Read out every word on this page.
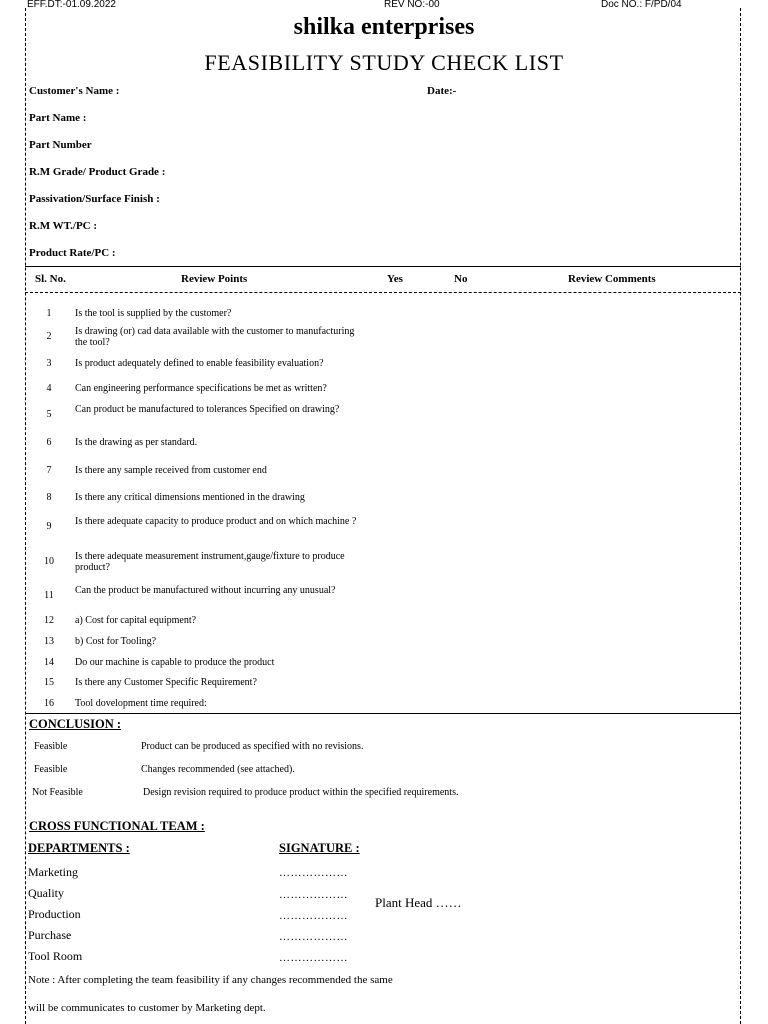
EFF.DT:-01.09.2022	REV NO:-00	Doc NO.: F/PD/04
shilka enterprises
FEASIBILITY STUDY CHECK LIST
Customer's Name :	Date:-
Part Name :
Part Number
R.M Grade/ Product Grade :
Passivation/Surface Finish :
R.M WT./PC :
Product Rate/PC :
Sl. No.	Review Points	Yes	No	Review Comments
1	Is the tool is supplied by the customer?
2	Is drawing (or) cad data available with the customer to manufacturing the tool?
3	Is product adequately defined to enable feasibility evaluation?
4	Can engineering performance specifications be met as written?
5	Can product be manufactured to tolerances Specified on drawing?
6	Is the drawing as per standard.
7	Is there any sample received from customer end
8	Is there any critical dimensions mentioned in the drawing
9	Is there adequate capacity to produce product and on which machine ?
10	Is there adequate measurement instrument,gauge/fixture to produce product?
11	Can the product be manufactured without incurring any unusual?
12	a) Cost for capital equipment?
13	b) Cost for Tooling?
14	Do our machine is capable to produce the product
15	Is there any Customer Specific Requirement?
16	Tool dovelopment time required:
CONCLUSION :
Feasible	Product can be produced as specified with no revisions.
Feasible	Changes recommended (see attached).
Not Feasible	Design revision required to produce product within the specified requirements.
CROSS FUNCTIONAL TEAM :
DEPARTMENTS :	SIGNATURE :
Marketing	………………
Quality	………………
Production	………………
Purchase	………………
Tool Room	………………
Plant Head ……
Note : After completing the team feasibility if any changes recommended the same
will be communicates to customer by Marketing dept.
